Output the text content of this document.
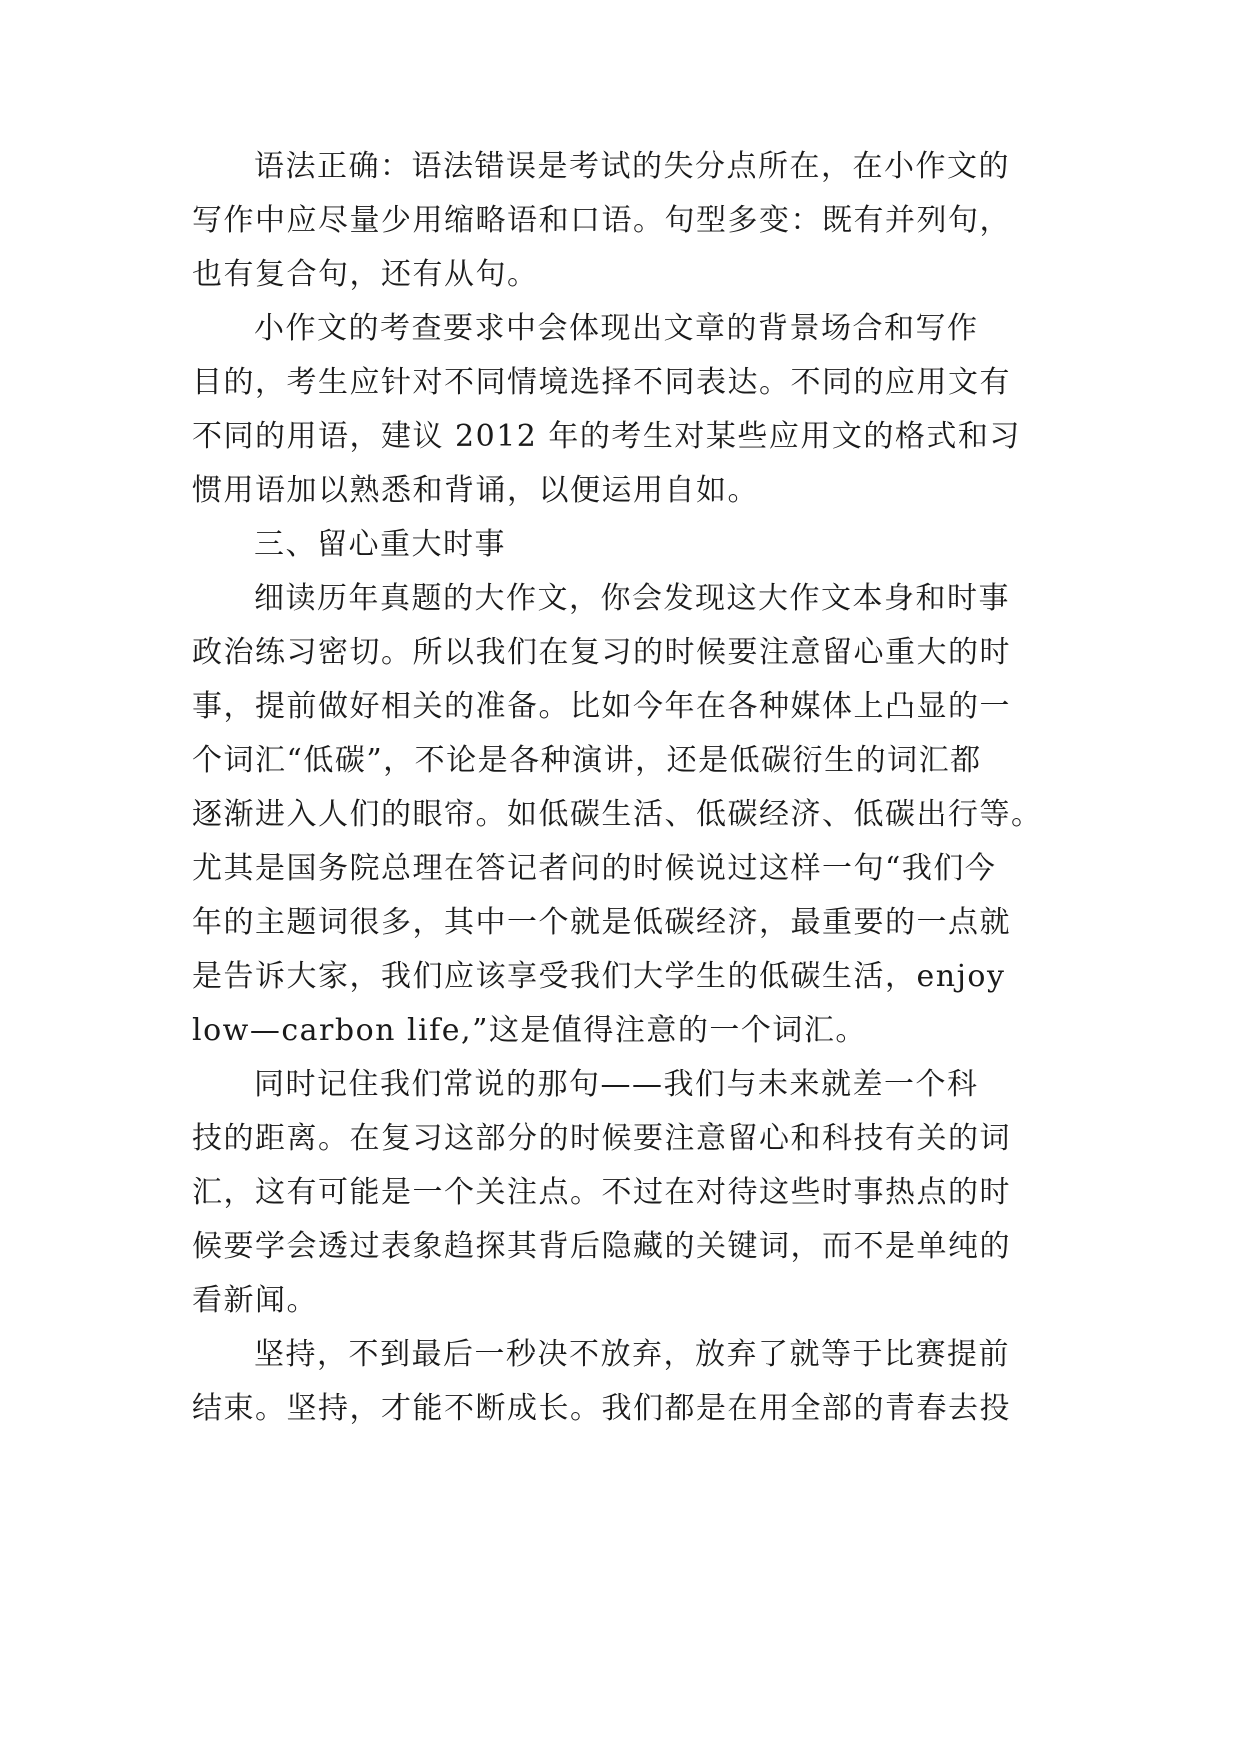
语法正确：语法错误是考试的失分点所在，在小作文的
写作中应尽量少用缩略语和口语。句型多变：既有并列句，
也有复合句，还有从句。
小作文的考查要求中会体现出文章的背景场合和写作
目的，考生应针对不同情境选择不同表达。不同的应用文有
不同的用语，建议 2012 年的考生对某些应用文的格式和习
惯用语加以熟悉和背诵，以便运用自如。
三、留心重大时事
细读历年真题的大作文，你会发现这大作文本身和时事
政治练习密切。所以我们在复习的时候要注意留心重大的时
事，提前做好相关的准备。比如今年在各种媒体上凸显的一
个词汇“低碳”，不论是各种演讲，还是低碳衍生的词汇都
逐渐进入人们的眼帘。如低碳生活、低碳经济、低碳出行等。
尤其是国务院总理在答记者问的时候说过这样一句“我们今
年的主题词很多，其中一个就是低碳经济，最重要的一点就
是告诉大家，我们应该享受我们大学生的低碳生活，enjoy
low—carbon life,”这是值得注意的一个词汇。
同时记住我们常说的那句——我们与未来就差一个科
技的距离。在复习这部分的时候要注意留心和科技有关的词
汇，这有可能是一个关注点。不过在对待这些时事热点的时
候要学会透过表象趋探其背后隐藏的关键词，而不是单纯的
看新闻。
坚持，不到最后一秒决不放弃，放弃了就等于比赛提前
结束。坚持，才能不断成长。我们都是在用全部的青春去投
